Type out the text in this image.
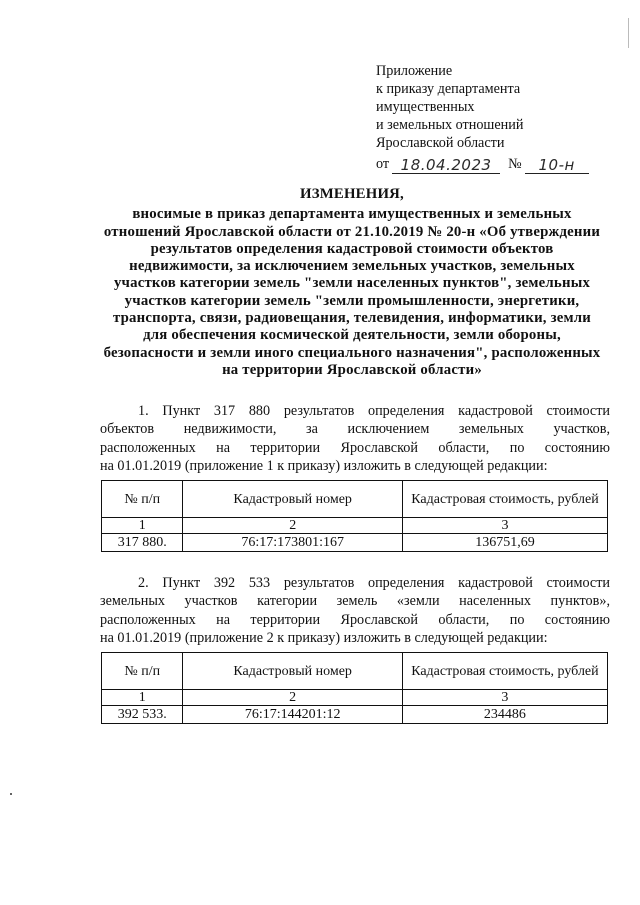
Приложение
к приказу департамента
имущественных
и земельных отношений
Ярославской области
от 18.04.2023	№	10-н
ИЗМЕНЕНИЯ,
вносимые в приказ департамента имущественных и земельных
отношений Ярославской области от 21.10.2019 № 20-н «Об утверждении
результатов определения кадастровой стоимости объектов
недвижимости, за исключением земельных участков, земельных
участков категории земель "земли населенных пунктов", земельных
участков категории земель "земли промышленности, энергетики,
транспорта, связи, радиовещания, телевидения, информатики, земли
для обеспечения космической деятельности, земли обороны,
безопасности и земли иного специального назначения", расположенных
на территории Ярославской области»
1. Пункт 317 880 результатов определения кадастровой стоимости
объектов недвижимости, за исключением земельных участков,
расположенных на территории Ярославской области, по состоянию
на 01.01.2019 (приложение 1 к приказу) изложить в следующей редакции:
№ п/п	Кадастровый номер	Кадастровая стоимость, рублей
1	2	3
317 880.	76:17:173801:167	136751,69
2. Пункт 392 533 результатов определения кадастровой стоимости
земельных участков категории земель «земли населенных пунктов»,
расположенных на территории Ярославской области, по состоянию
на 01.01.2019 (приложение 2 к приказу) изложить в следующей редакции:
№ п/п	Кадастровый номер	Кадастровая стоимость, рублей
1	2	3
392 533.	76:17:144201:12	234486
